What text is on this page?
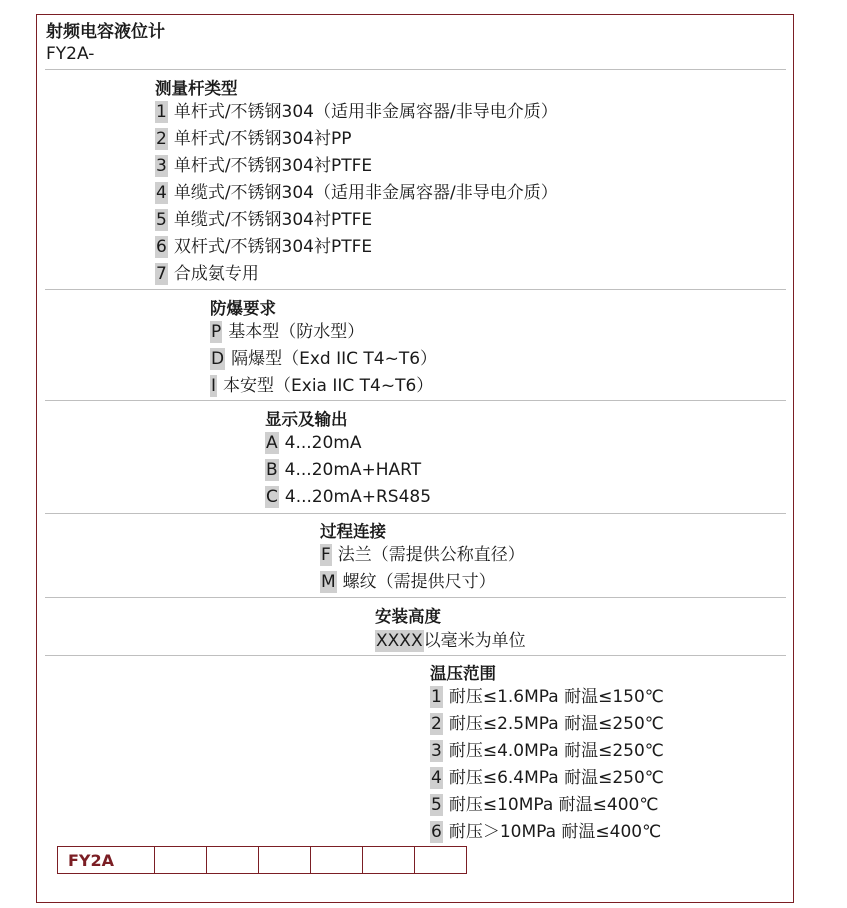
射频电容液位计
FY2A-
测量杆类型
1 单杆式/不锈钢304（适用非金属容器/非导电介质）
2 单杆式/不锈钢304衬PP
3 单杆式/不锈钢304衬PTFE
4 单缆式/不锈钢304（适用非金属容器/非导电介质）
5 单缆式/不锈钢304衬PTFE
6 双杆式/不锈钢304衬PTFE
7 合成氨专用
防爆要求
P 基本型（防水型）
D 隔爆型（Exd IIC T4~T6）
I 本安型（Exia IIC T4~T6）
显示及输出
A 4...20mA
B 4...20mA+HART
C 4...20mA+RS485
过程连接
F 法兰（需提供公称直径）
M 螺纹（需提供尺寸）
安装高度
XXXX以毫米为单位
温压范围
1 耐压≤1.6MPa 耐温≤150℃
2 耐压≤2.5MPa 耐温≤250℃
3 耐压≤4.0MPa 耐温≤250℃
4 耐压≤6.4MPa 耐温≤250℃
5 耐压≤10MPa 耐温≤400℃
6 耐压＞10MPa 耐温≤400℃
FY2A						
